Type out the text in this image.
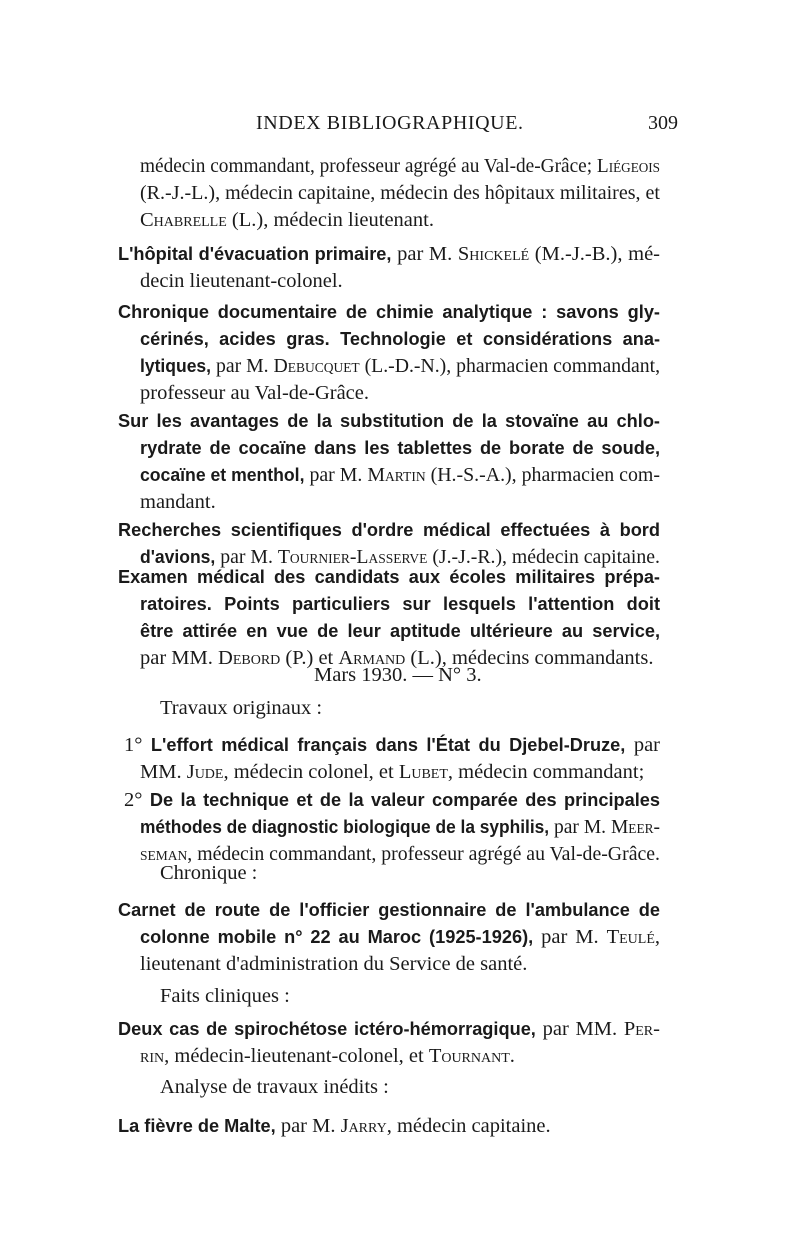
INDEX BIBLIOGRAPHIQUE.	309
médecin commandant, professeur agrégé au Val-de-Grâce; Liégeois
(R.-J.-L.), médecin capitaine, médecin des hôpitaux militaires, et
Chabrelle (L.), médecin lieutenant.
L'hôpital d'évacuation primaire, par M. Shickelé (M.-J.-B.), mé-
decin lieutenant-colonel.
Chronique documentaire de chimie analytique : savons gly-
cérinés, acides gras. Technologie et considérations ana-
lytiques, par M. Debucquet (L.-D.-N.), pharmacien commandant,
professeur au Val-de-Grâce.
Sur les avantages de la substitution de la stovaïne au chlo-
rydrate de cocaïne dans les tablettes de borate de soude,
cocaïne et menthol, par M. Martin (H.-S.-A.), pharmacien com-
mandant.
Recherches scientifiques d'ordre médical effectuées à bord
d'avions, par M. Tournier-Lasserve (J.-J.-R.), médecin capitaine.
Examen médical des candidats aux écoles militaires prépa-
ratoires. Points particuliers sur lesquels l'attention doit
être attirée en vue de leur aptitude ultérieure au service,
par MM. Debord (P.) et Armand (L.), médecins commandants.
1° L'effort médical français dans l'État du Djebel-Druze, par
MM. Jude, médecin colonel, et Lubet, médecin commandant;
2° De la technique et de la valeur comparée des principales
méthodes de diagnostic biologique de la syphilis, par M. Meer-
seman, médecin commandant, professeur agrégé au Val-de-Grâce.
Carnet de route de l'officier gestionnaire de l'ambulance de
colonne mobile n° 22 au Maroc (1925-1926), par M. Teulé,
lieutenant d'administration du Service de santé.
Deux cas de spirochétose ictéro-hémorragique, par MM. Per-
rin, médecin-lieutenant-colonel, et Tournant.
La fièvre de Malte, par M. Jarry, médecin capitaine.
Mars 1930. — N° 3.
Travaux originaux :
Chronique :
Faits cliniques :
Analyse de travaux inédits :
